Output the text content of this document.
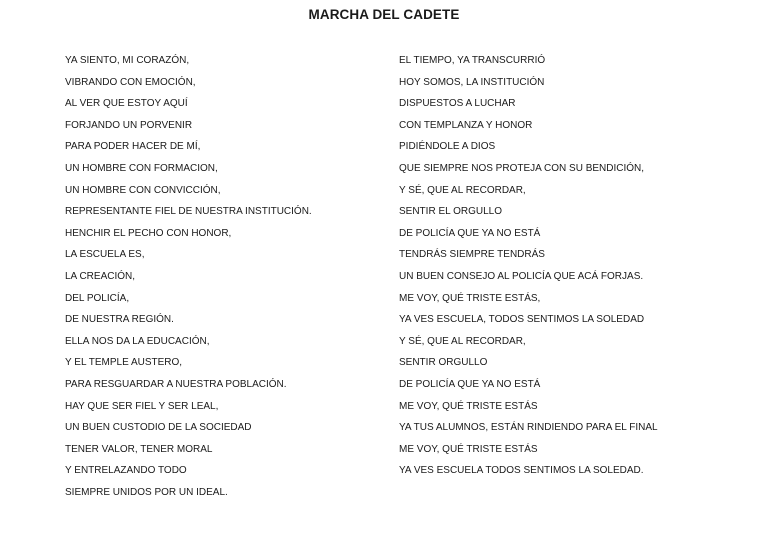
MARCHA DEL CADETE
YA SIENTO, MI CORAZÓN,
VIBRANDO CON EMOCIÓN,
AL VER QUE ESTOY AQUÍ
FORJANDO UN PORVENIR
PARA PODER HACER DE MÍ,
UN HOMBRE CON FORMACION,
UN HOMBRE CON CONVICCIÓN,
REPRESENTANTE FIEL DE NUESTRA INSTITUCIÓN.
HENCHIR EL PECHO CON HONOR,
LA ESCUELA ES,
LA CREACIÓN,
DEL POLICÍA,
DE NUESTRA REGIÓN.
ELLA NOS DA LA EDUCACIÓN,
Y EL TEMPLE AUSTERO,
PARA RESGUARDAR A NUESTRA POBLACIÓN.
HAY QUE SER FIEL Y SER LEAL,
UN BUEN CUSTODIO DE LA SOCIEDAD
TENER VALOR, TENER MORAL
Y ENTRELAZANDO TODO
SIEMPRE UNIDOS POR UN IDEAL.
EL TIEMPO, YA TRANSCURRIÓ
HOY SOMOS, LA INSTITUCIÓN
DISPUESTOS A LUCHAR
CON TEMPLANZA Y HONOR
PIDIÉNDOLE A DIOS
QUE SIEMPRE NOS PROTEJA CON SU BENDICIÓN,
Y SÉ, QUE AL RECORDAR,
SENTIR EL ORGULLO
DE POLICÍA QUE YA NO ESTÁ
TENDRÁS SIEMPRE TENDRÁS
UN BUEN CONSEJO AL POLICÍA QUE ACÁ FORJAS.
ME VOY, QUÉ TRISTE ESTÁS,
YA VES ESCUELA, TODOS SENTIMOS LA SOLEDAD
Y SÉ, QUE AL RECORDAR,
SENTIR ORGULLO
DE POLICÍA QUE YA NO ESTÁ
ME VOY, QUÉ TRISTE ESTÁS
YA TUS ALUMNOS, ESTÁN RINDIENDO PARA EL FINAL
ME VOY, QUÉ TRISTE ESTÁS
YA VES ESCUELA TODOS SENTIMOS LA SOLEDAD.
